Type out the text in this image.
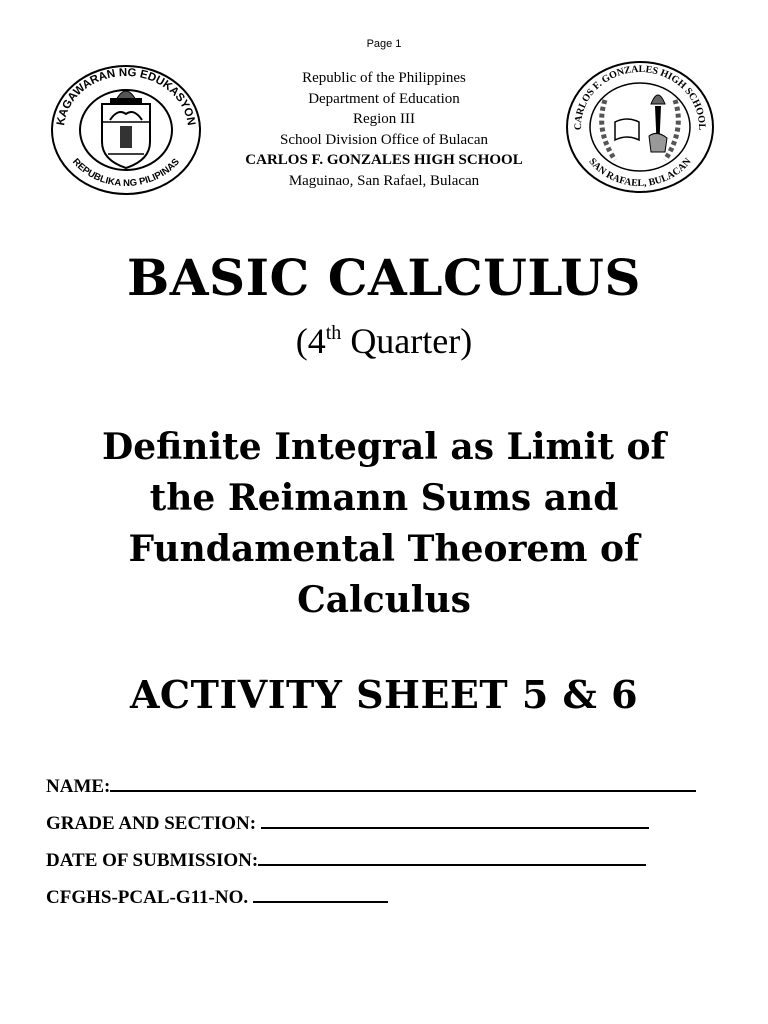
Page 1
KAGAWARAN NG EDUKASYON
REPUBLIKA NG PILIPINAS
Republic of the Philippines
Department of Education
Region III
School Division Office of Bulacan
CARLOS F. GONZALES HIGH SCHOOL
Maguinao, San Rafael, Bulacan
CARLOS F. GONZALES HIGH SCHOOL
SAN RAFAEL, BULACAN
BASIC CALCULUS
(4th Quarter)
Definite Integral as Limit of
the Reimann Sums and
Fundamental Theorem of
Calculus
ACTIVITY SHEET 5 & 6
NAME:
GRADE AND SECTION:
DATE OF SUBMISSION:
CFGHS-PCAL-G11-NO.
